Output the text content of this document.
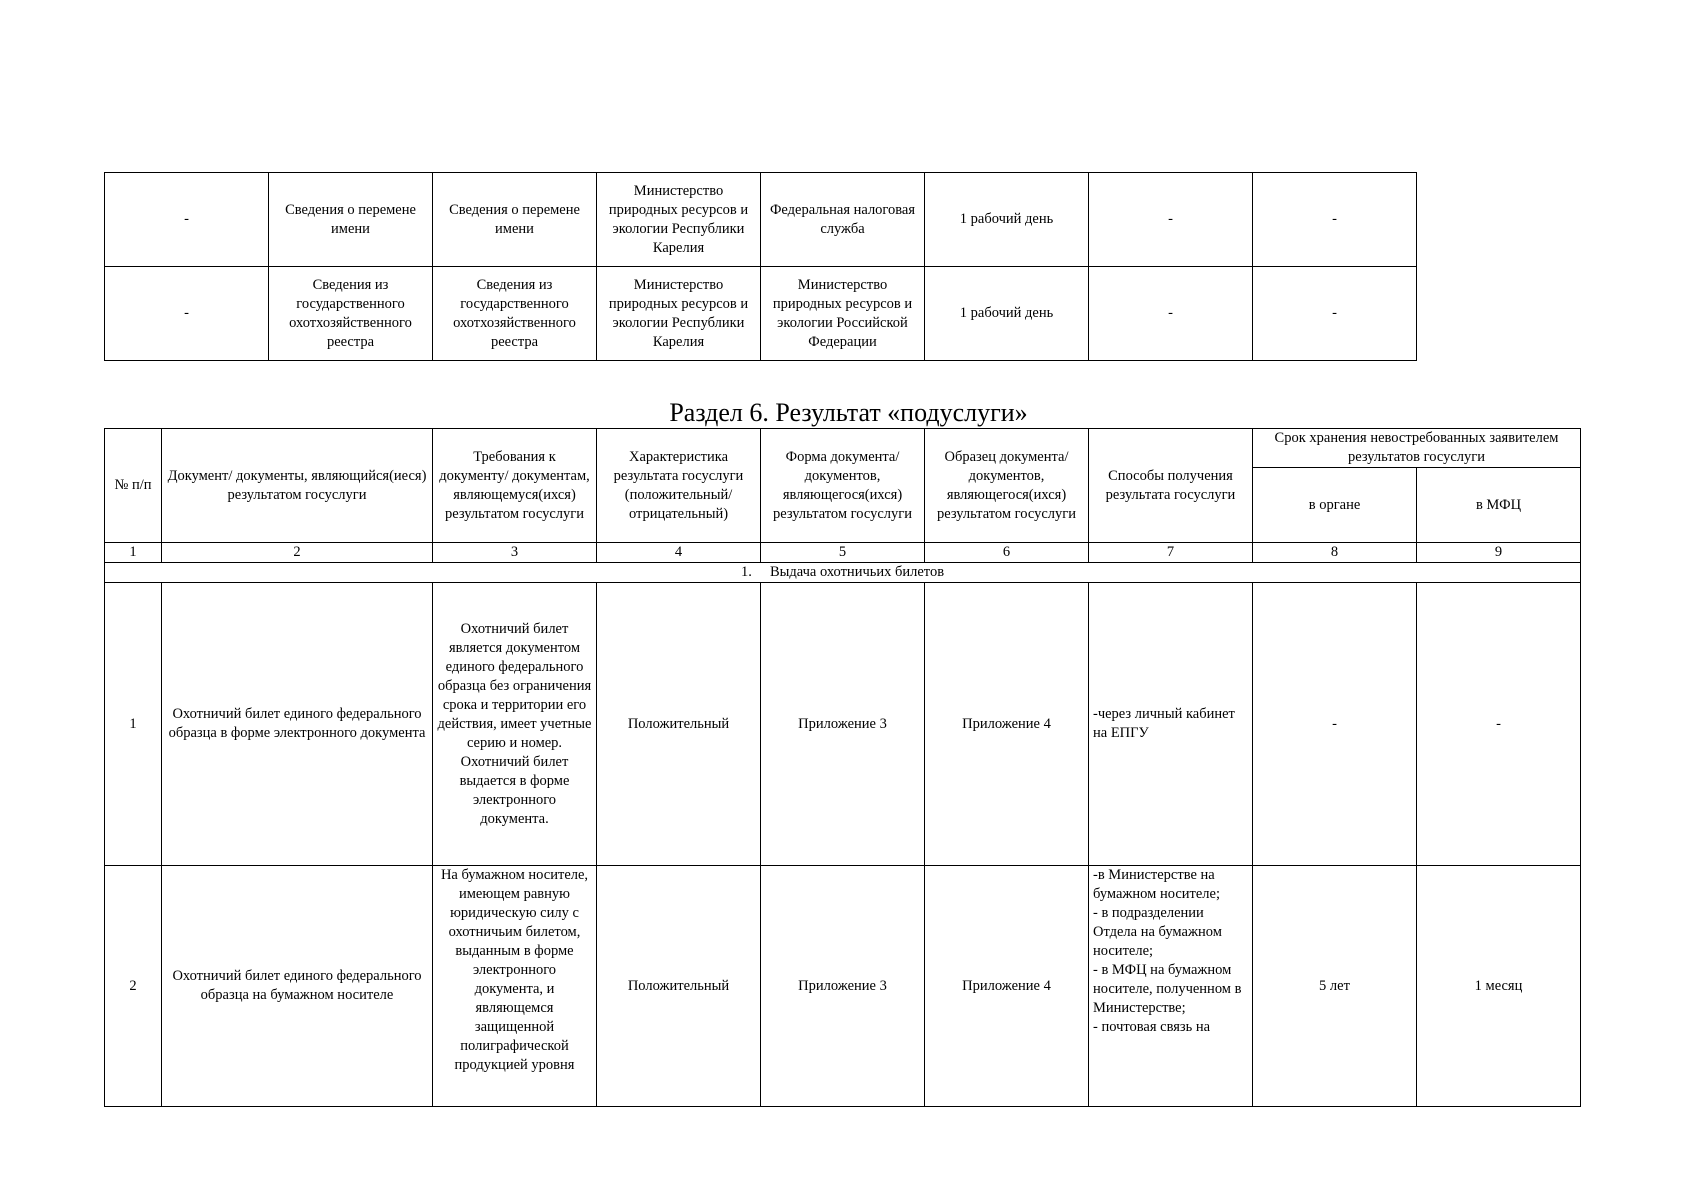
-	Сведения о перемене имени	Сведения о перемене имени	Министерство природных ресурсов и экологии Республики Карелия	Федеральная налоговая служба	1 рабочий день	-	-
-	Сведения из государственного охотхозяйственного реестра	Сведения из государственного охотхозяйственного реестра	Министерство природных ресурсов и экологии Республики Карелия	Министерство природных ресурсов и экологии Российской Федерации	1 рабочий день	-	-
Раздел 6. Результат «подуслуги»
№ п/п	Документ/ документы, являющийся(иеся) результатом госуслуги	Требования к документу/ документам, являющемуся(ихся) результатом госуслуги	Характеристика результата госуслуги (положительный/ отрицательный)	Форма документа/ документов, являющегося(ихся) результатом госуслуги	Образец документа/ документов, являющегося(ихся) результатом госуслуги	Способы получения результата госуслуги	Срок хранения невостребованных заявителем результатов госуслуги	
							в органе	в МФЦ
1	2	3	4	5	6	7	8	9
1.     Выдача охотничьих билетов								
1	Охотничий билет единого федерального образца в форме электронного документа	Охотничий билет является документом единого федерального образца без ограничения срока и территории его действия, имеет учетные серию и номер. Охотничий билет выдается в форме электронного документа.	Положительный	Приложение 3	Приложение 4	-через личный кабинет на ЕПГУ	-	-
2	Охотничий билет единого федерального образца на бумажном носителе	На бумажном носителе, имеющем равную юридическую силу с охотничьим билетом, выданным в форме электронного документа, и являющемся защищенной полиграфической продукцией уровня	Положительный	Приложение 3	Приложение 4	-в Министерстве на бумажном носителе;
- в подразделении Отдела на бумажном носителе;
- в МФЦ на бумажном носителе, полученном в Министерстве;
- почтовая связь на	5 лет	1 месяц
